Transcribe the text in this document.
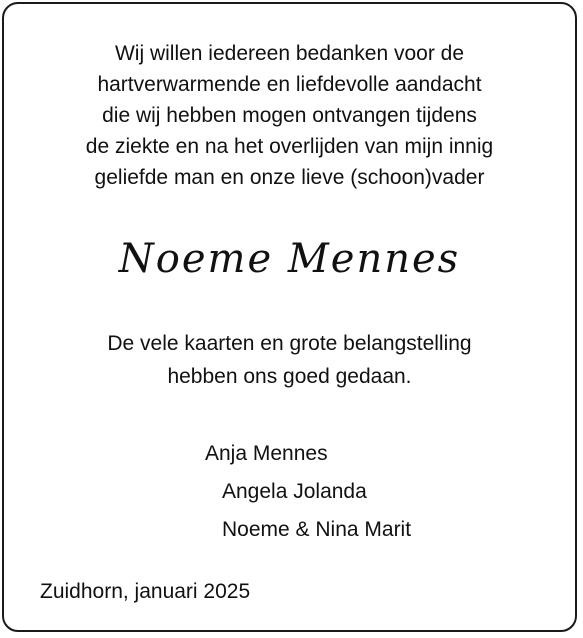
Wij willen iedereen bedanken voor de
hartverwarmende en liefdevolle aandacht
die wij hebben mogen ontvangen tijdens
de ziekte en na het overlijden van mijn innig
geliefde man en onze lieve (schoon)vader
Noeme Mennes
De vele kaarten en grote belangstelling
hebben ons goed gedaan.
Anja Mennes
Angela Jolanda
Noeme & Nina Marit
Zuidhorn, januari 2025
